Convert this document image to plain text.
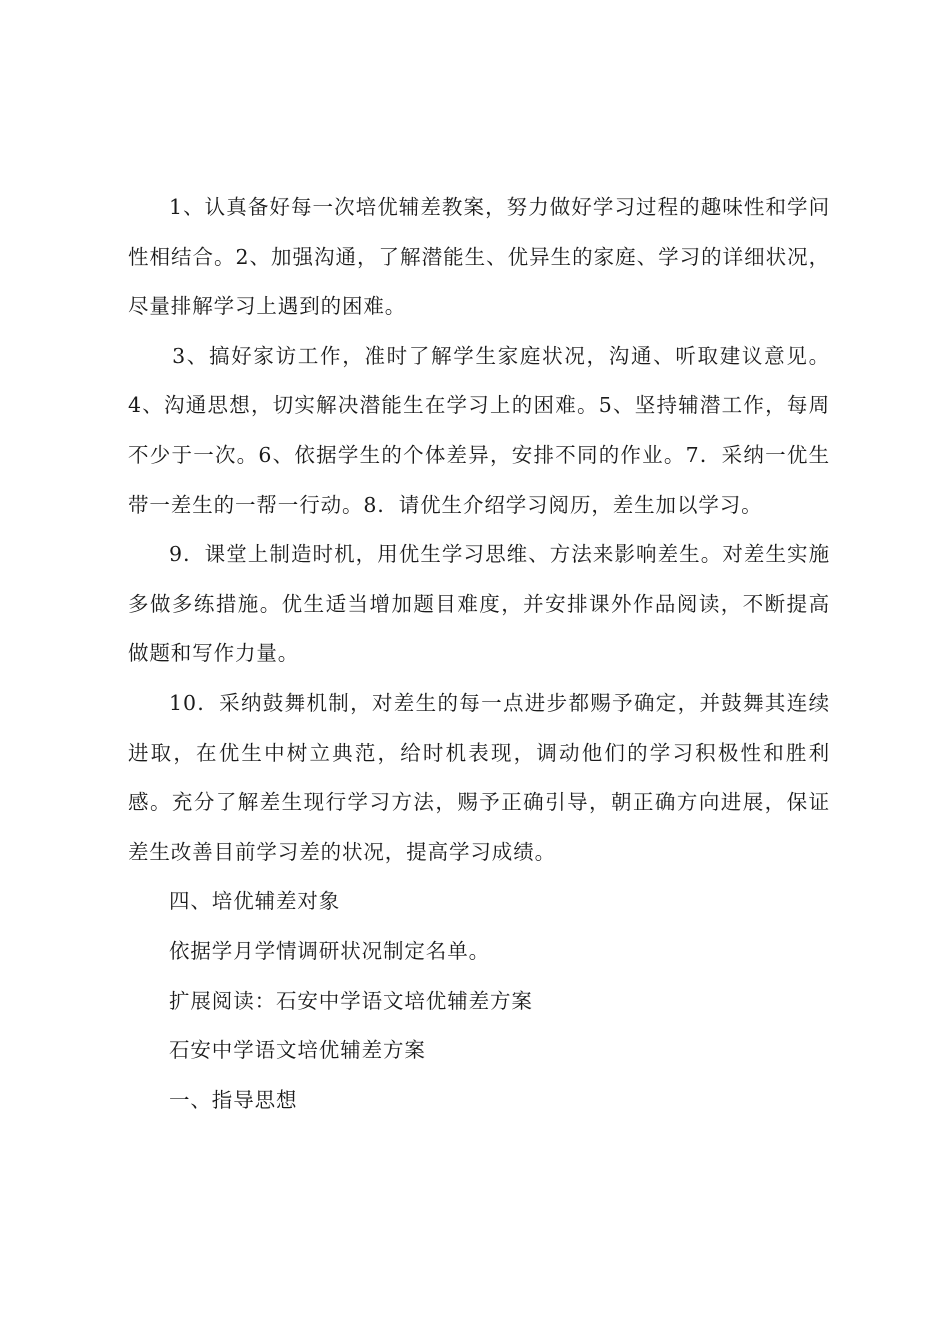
1、认真备好每一次培优辅差教案，努力做好学习过程的趣味性和学问性相结合。2、加强沟通，了解潜能生、优异生的家庭、学习的详细状况，尽量排解学习上遇到的困难。

3、搞好家访工作，准时了解学生家庭状况，沟通、听取建议意见。4、沟通思想，切实解决潜能生在学习上的困难。5、坚持辅潜工作，每周不少于一次。6、依据学生的个体差异，安排不同的作业。7．采纳一优生带一差生的一帮一行动。8．请优生介绍学习阅历，差生加以学习。

9．课堂上制造时机，用优生学习思维、方法来影响差生。对差生实施多做多练措施。优生适当增加题目难度，并安排课外作品阅读，不断提高做题和写作力量。

10．采纳鼓舞机制，对差生的每一点进步都赐予确定，并鼓舞其连续进取，在优生中树立典范，给时机表现，调动他们的学习积极性和胜利感。充分了解差生现行学习方法，赐予正确引导，朝正确方向进展，保证差生改善目前学习差的状况，提高学习成绩。

四、培优辅差对象

依据学月学情调研状况制定名单。

扩展阅读：石安中学语文培优辅差方案

石安中学语文培优辅差方案

一、指导思想
